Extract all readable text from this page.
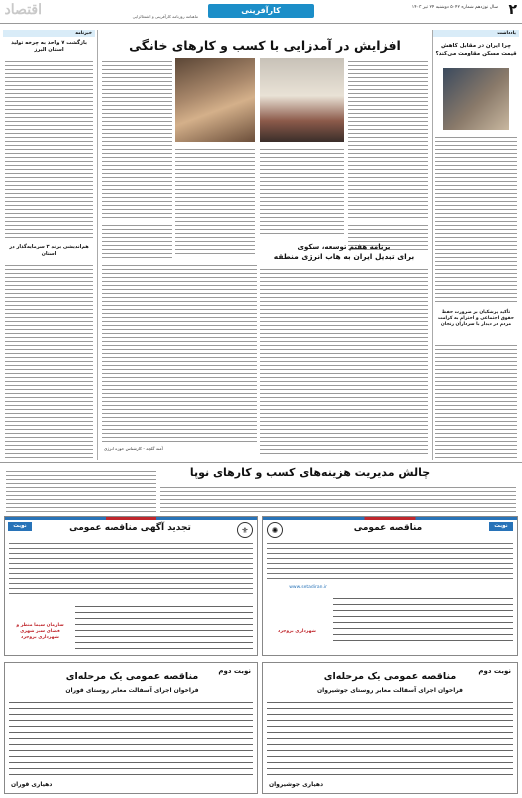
اقتصاد	ماهنامه روزنامه کارآفرینی و اشتغالزایی
کارآفرینی	سال نوزدهم شماره ۵۰۴۲ دوشنبه ۲۴ تیر ۱۴۰۳ ۲
یادداشت
چرا ایران در مقابل کاهش قیمت مسکن مقاومت می‌کند؟
تأکید پزشکیان بر ضرورت حفظ حقوق اجتماعی و احترام به کرامت مردم در دیدار با سرداران زنجان
خبرنامه
بازگشت ۷ واحد به چرخه تولید استان البرز
هم‌اندیشی برند ۳ سرمایه‌گذار در استان
افزایش در آمدزایی با کسب و کارهای خانگی
برنامه هفتم توسعه، سکوی
برای تبدیل ایران به هاب انرژی منطقه
آمنه گلچه - کارشناس حوزه انرژی
چالش مدیریت هزینه‌های کسب و کارهای نوپا
نوبت دوم
تجدید آگهی مناقصه عمومی	⚜
سازمان سیما منظر و فضای سبز شهری شهرداری بروجرد
نوبت اول
مناقصه عمومی
✺
www.setadiran.ir
شهرداری بروجرد
نوبت دوم
مناقصه عمومی یک مرحله‌ای
فراخوان اجرای آسفالت معابر روستای قوران
دهیاری قوران
نوبت دوم
مناقصه عمومی یک مرحله‌ای
فراخوان اجرای آسفالت معابر روستای جوشیروان
دهیاری جوشیروان
